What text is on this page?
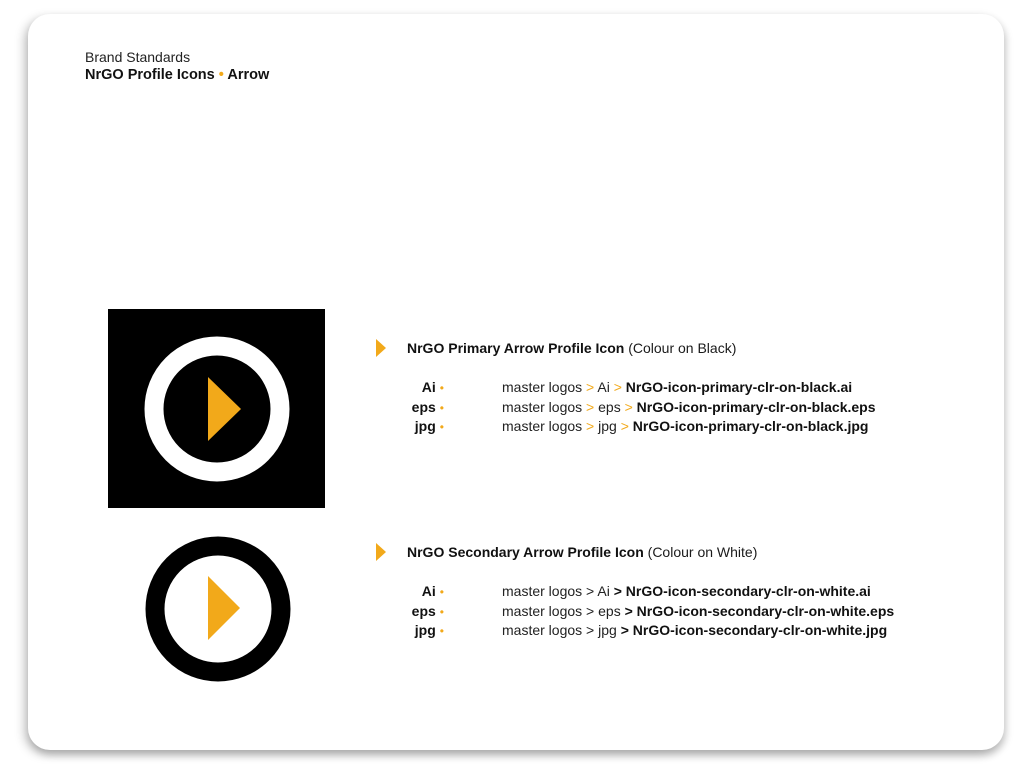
Brand Standards
NrGO Profile Icons • Arrow
NrGO Primary Arrow Profile Icon (Colour on Black)
Ai •	master logos > Ai > NrGO-icon-primary-clr-on-black.ai
eps •	master logos > eps > NrGO-icon-primary-clr-on-black.eps
jpg •	master logos > jpg > NrGO-icon-primary-clr-on-black.jpg
NrGO Secondary Arrow Profile Icon (Colour on White)
Ai •	master logos > Ai > NrGO-icon-secondary-clr-on-white.ai
eps •	master logos > eps > NrGO-icon-secondary-clr-on-white.eps
jpg •	master logos > jpg > NrGO-icon-secondary-clr-on-white.jpg
